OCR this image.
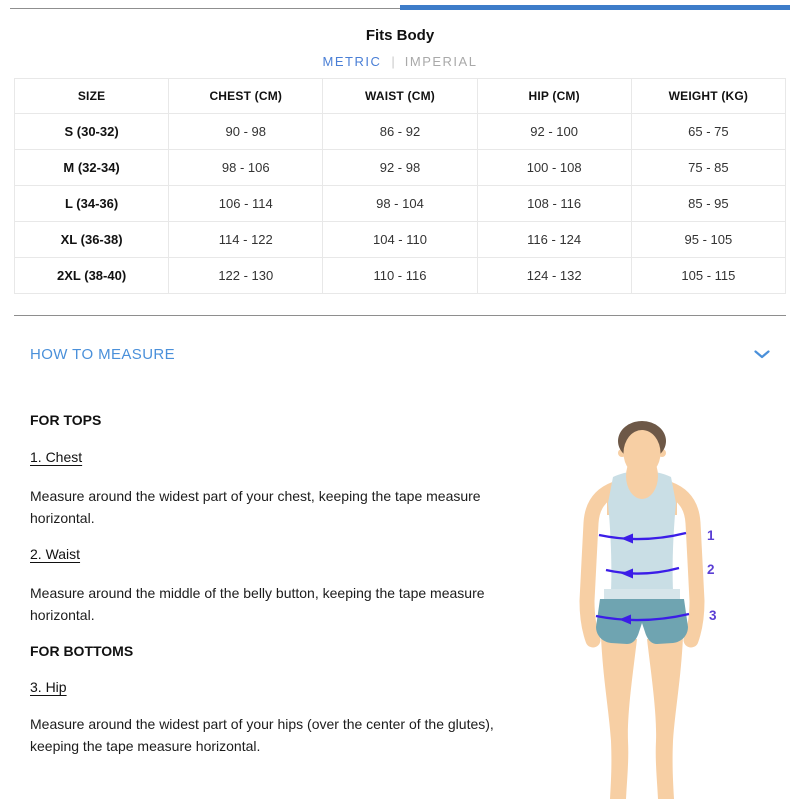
Fits Body
METRIC | IMPERIAL
SIZE	CHEST (CM)	WAIST (CM)	HIP (CM)	WEIGHT (KG)
S (30-32)	90 - 98	86 - 92	92 - 100	65 - 75
M (32-34)	98 - 106	92 - 98	100 - 108	75 - 85
L (34-36)	106 - 114	98 - 104	108 - 116	85 - 95
XL (36-38)	114 - 122	104 - 110	116 - 124	95 - 105
2XL (38-40)	122 - 130	110 - 116	124 - 132	105 - 115
HOW TO MEASURE
FOR TOPS
1. Chest

Measure around the widest part of your chest, keeping the tape measure horizontal.

2. Waist

Measure around the middle of the belly button, keeping the tape measure horizontal.

FOR BOTTOMS
3. Hip

Measure around the widest part of your hips (over the center of the glutes), keeping the tape measure horizontal.

1
2
3
